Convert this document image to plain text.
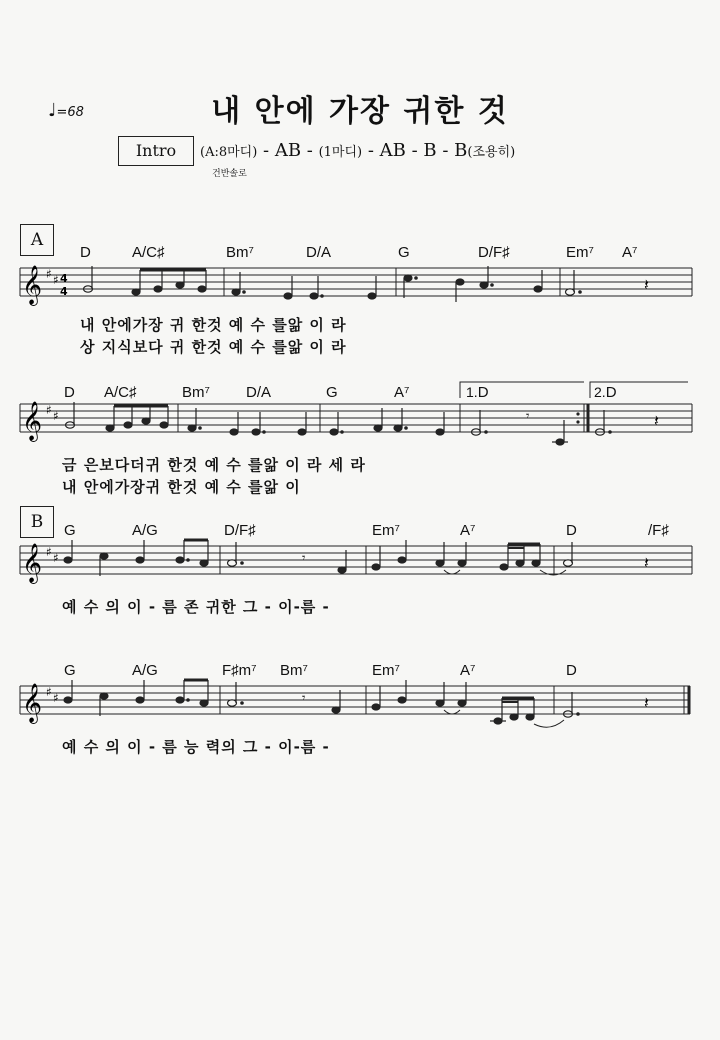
내 안에 가장 귀한 것
♩=68
Intro	(A:8마디) - AB - (1마디) - AB - B - B(조용히)
건반솔로
A
D	A/C♯	Bm⁷	D/A	G	D/F♯	Em⁷ A⁷
𝄞 ♯ ♯ 4
4	𝄽
내 안에가장 귀 한것 예 수 를앎 이 라
상 지식보다 귀 한것 예 수 를앎 이 라
D A/C♯	Bm⁷ D/A	G	A⁷	1.D	2.D
𝄞 ♯ ♯	𝄾	𝄽
금 은보다더귀 한것 예 수 를앎 이 라 세 라
내 안에가장귀 한것 예 수 를앎 이
B	G	A/G	D/F♯	Em⁷	A⁷	D	/F♯
𝄞 ♯ ♯	𝄾	𝄽
예 수 의 이 - 름 존 귀한 그 - 이-름 -
G	A/G	F♯m⁷ Bm⁷	Em⁷	A⁷	D
𝄞 ♯ ♯	𝄾	𝄽
예 수 의 이 - 름 능 력의 그 - 이-름 -
